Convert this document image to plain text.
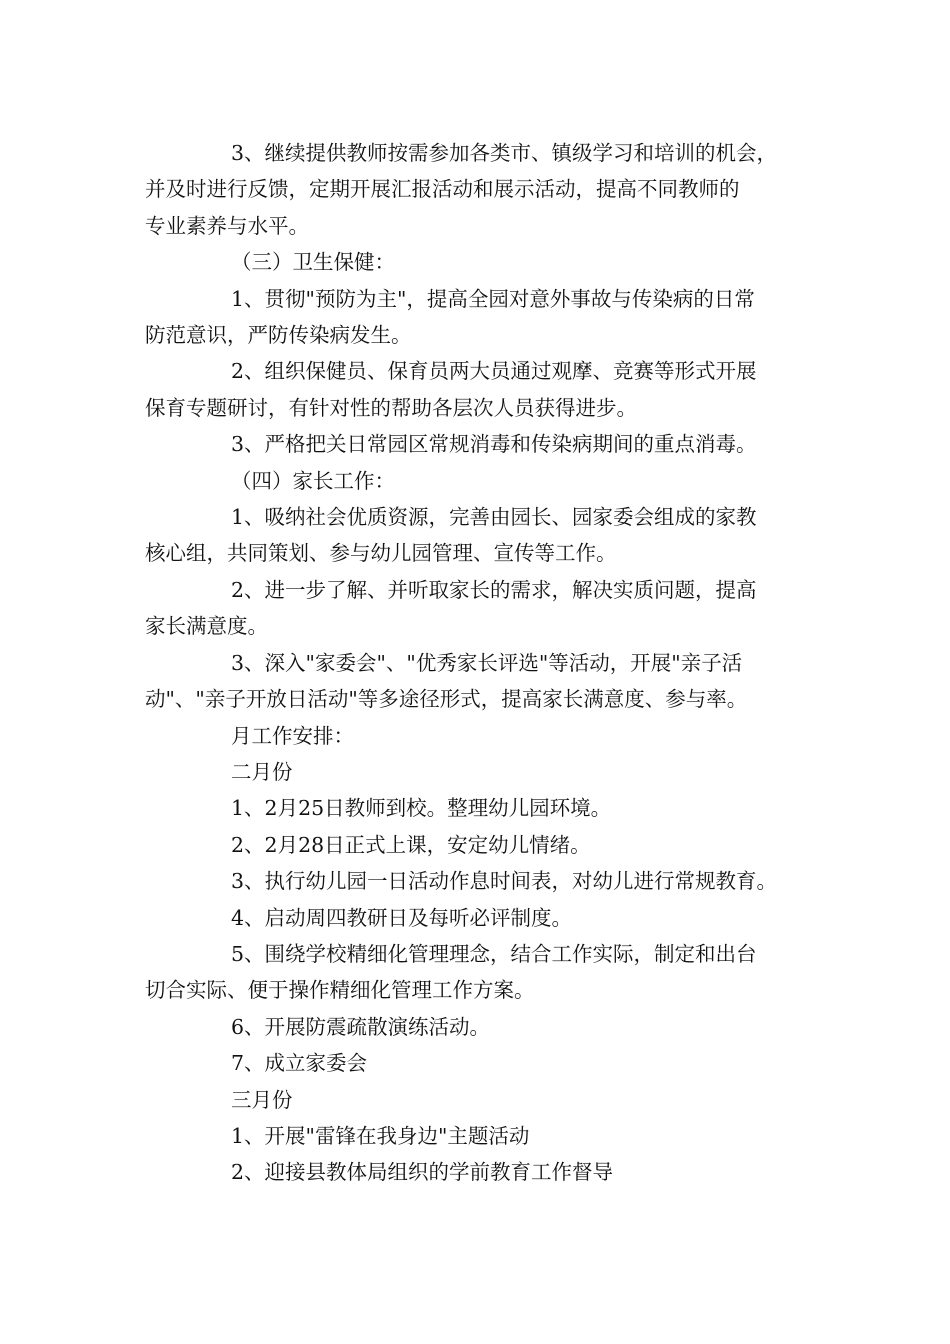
3、继续提供教师按需参加各类市、镇级学习和培训的机会，

并及时进行反馈，定期开展汇报活动和展示活动，提高不同教师的

专业素养与水平。

（三）卫生保健：

1、贯彻"预防为主"，提高全园对意外事故与传染病的日常

防范意识，严防传染病发生。

2、组织保健员、保育员两大员通过观摩、竞赛等形式开展

保育专题研讨，有针对性的帮助各层次人员获得进步。

3、严格把关日常园区常规消毒和传染病期间的重点消毒。

（四）家长工作：

1、吸纳社会优质资源，完善由园长、园家委会组成的家教

核心组，共同策划、参与幼儿园管理、宣传等工作。

2、进一步了解、并听取家长的需求，解决实质问题，提高

家长满意度。

3、深入"家委会"、"优秀家长评选"等活动，开展"亲子活

动"、"亲子开放日活动"等多途径形式，提高家长满意度、参与率。

月工作安排：

二月份

1、2月25日教师到校。整理幼儿园环境。

2、2月28日正式上课，安定幼儿情绪。

3、执行幼儿园一日活动作息时间表，对幼儿进行常规教育。

4、启动周四教研日及每听必评制度。

5、围绕学校精细化管理理念，结合工作实际，制定和出台

切合实际、便于操作精细化管理工作方案。

6、开展防震疏散演练活动。

7、成立家委会

三月份

1、开展"雷锋在我身边"主题活动

2、迎接县教体局组织的学前教育工作督导
